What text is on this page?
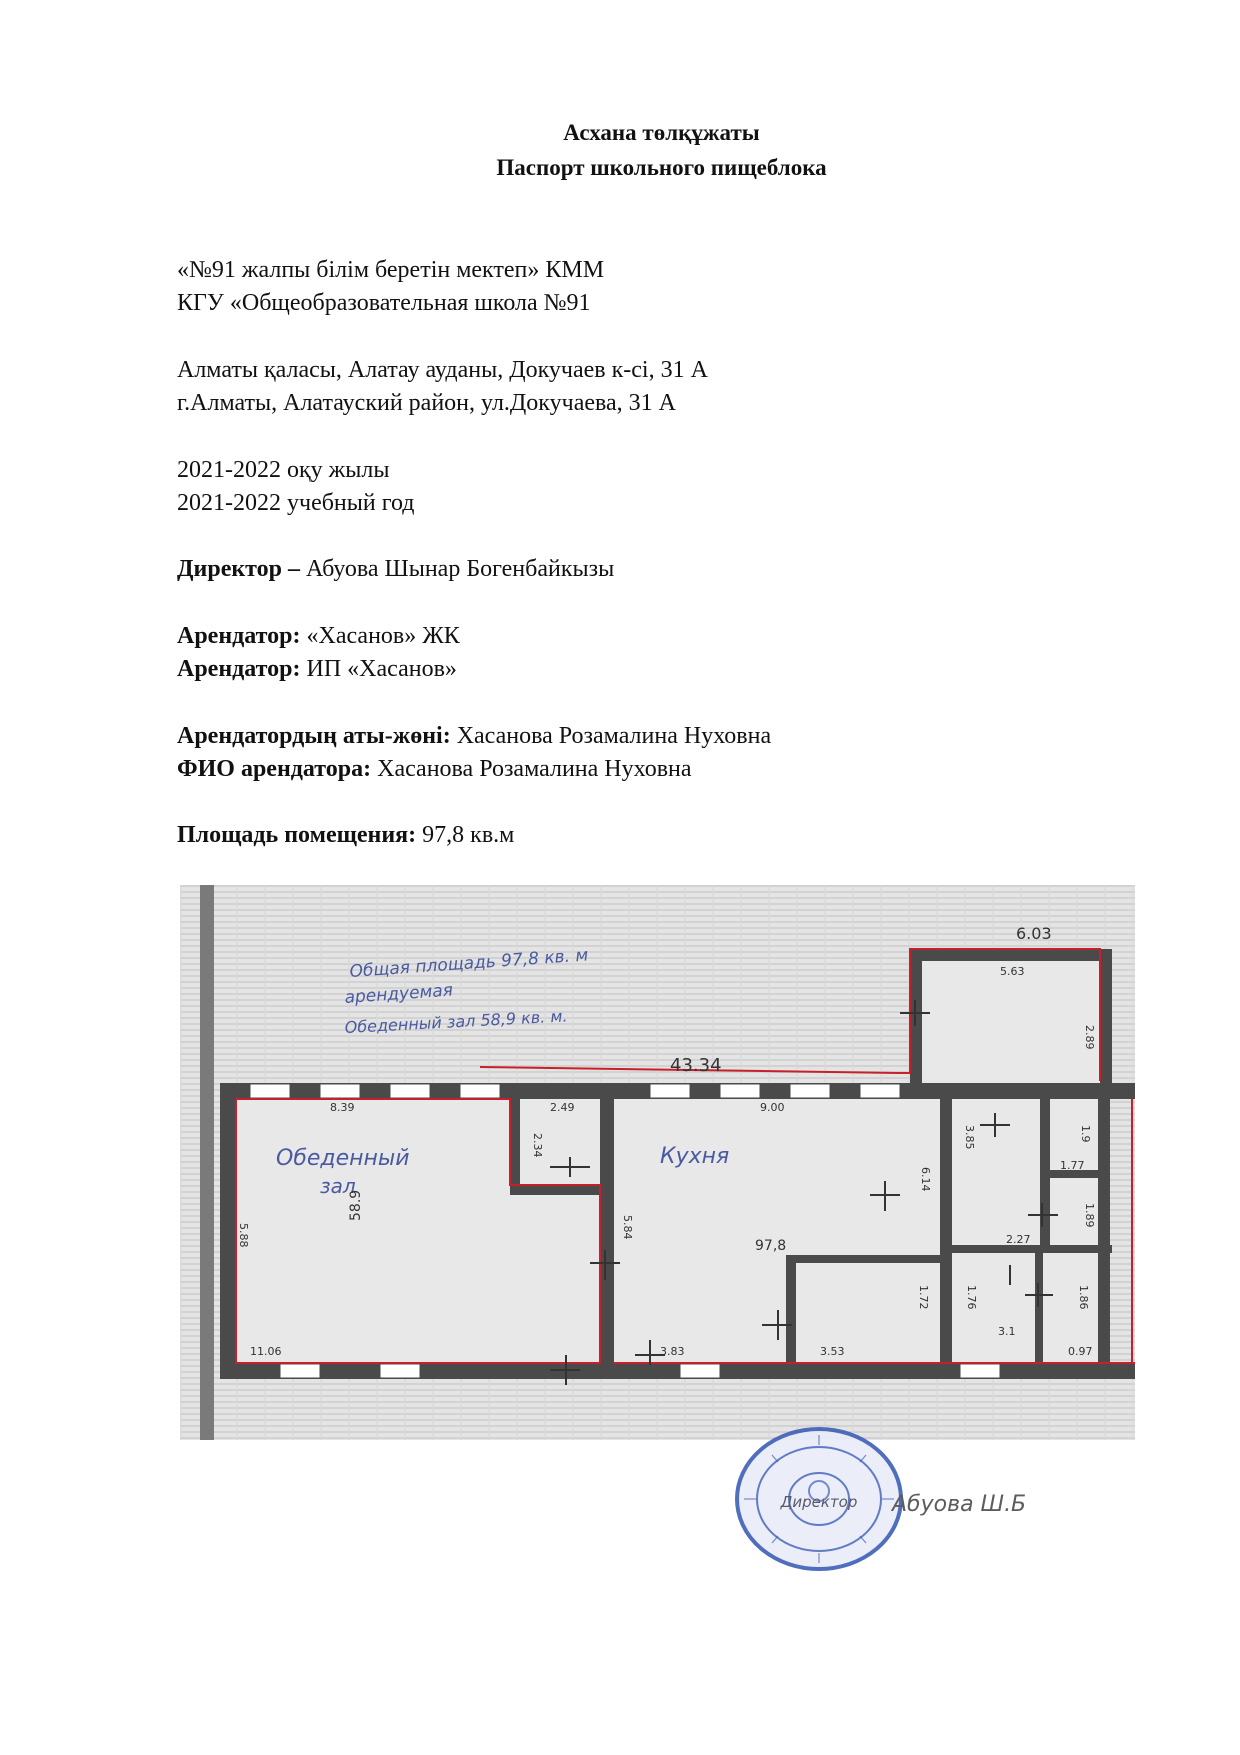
Асхана төлқұжаты
Паспорт школьного пищеблока
«№91 жалпы білім беретін мектеп» КММ
КГУ «Общеобразовательная школа №91
Алматы қаласы, Алатау ауданы, Докучаев к-сі, 31 А
г.Алматы, Алатауский район, ул.Докучаева, 31 А
2021-2022 оқу жылы
2021-2022 учебный год
Директор – Абуова Шынар Богенбайкызы
Арендатор: «Хасанов» ЖК
Арендатор: ИП «Хасанов»
Арендатордың аты-жөні: Хасанова Розамалина Нуховна
ФИО арендатора: Хасанова Розамалина Нуховна
Площадь помещения: 97,8 кв.м
Общая площадь 97,8 кв. м
арендуемая
Обеденный зал 58,9 кв. м.
Обеденный
зал
Кухня
43.34
6.03
5.63
2.89
8.39	2.49
2.34
9.00
3.85	1.9
1.77
5.84
6.14
1.89
2.27
1.72	1.76	1.86
3.53
3.83
11.06	0.97
3.1
5.88
58.9
97,8
Директор Абуова Ш.Б
